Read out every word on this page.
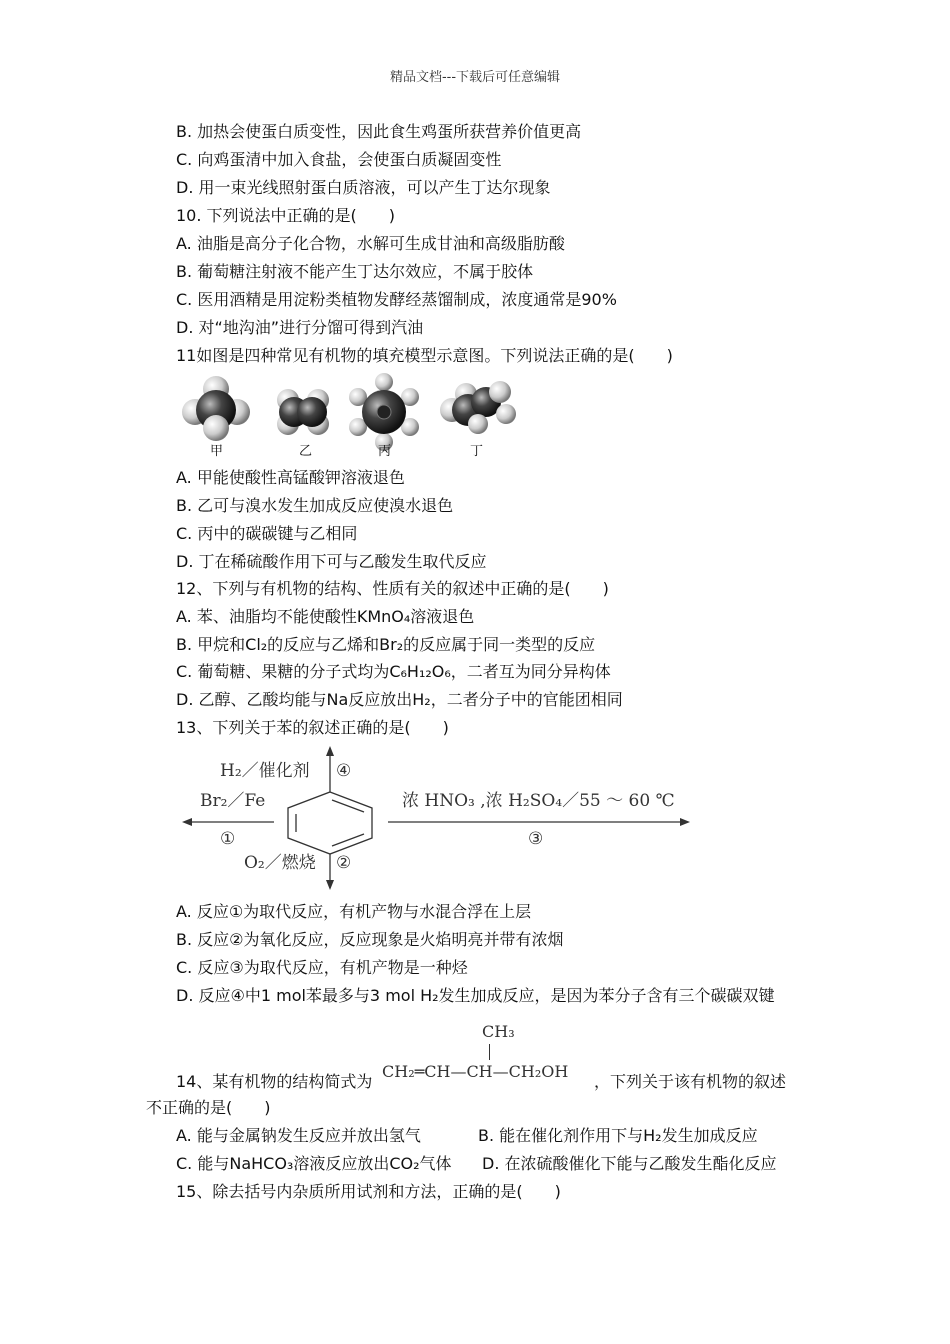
精品文档---下载后可任意编辑
B. 加热会使蛋白质变性，因此食生鸡蛋所获营养价值更高
C. 向鸡蛋清中加入食盐，会使蛋白质凝固变性
D. 用一束光线照射蛋白质溶液，可以产生丁达尔现象
10. 下列说法中正确的是(　　)
A. 油脂是高分子化合物，水解可生成甘油和高级脂肪酸
B. 葡萄糖注射液不能产生丁达尔效应，不属于胶体
C. 医用酒精是用淀粉类植物发酵经蒸馏制成，浓度通常是90%
D. 对“地沟油”进行分馏可得到汽油
11如图是四种常见有机物的填充模型示意图。下列说法正确的是(　　)
甲	乙	丙	丁
A. 甲能使酸性高锰酸钾溶液退色
B. 乙可与溴水发生加成反应使溴水退色
C. 丙中的碳碳键与乙相同
D. 丁在稀硫酸作用下可与乙酸发生取代反应
12、下列与有机物的结构、性质有关的叙述中正确的是(　　)
A. 苯、油脂均不能使酸性KMnO₄溶液退色
B. 甲烷和Cl₂的反应与乙烯和Br₂的反应属于同一类型的反应
C. 葡萄糖、果糖的分子式均为C₆H₁₂O₆，二者互为同分异构体
D. 乙醇、乙酸均能与Na反应放出H₂，二者分子中的官能团相同
13、下列关于苯的叙述正确的是(　　)
H₂／催化剂 ④
Br₂／Fe
①
浓 HNO₃ ,浓 H₂SO₄／55 ～ 60 ℃
③
O₂／燃烧 ②
A. 反应①为取代反应，有机产物与水混合浮在上层
B. 反应②为氧化反应，反应现象是火焰明亮并带有浓烟
C. 反应③为取代反应，有机产物是一种烃
D. 反应④中1 mol苯最多与3 mol H₂发生加成反应，是因为苯分子含有三个碳碳双键
14、某有机物的结构简式为
CH₃
CH₂═CH—CH—CH₂OH
，下列关于该有机物的叙述
不正确的是(　　)
A. 能与金属钠发生反应并放出氢气	B. 能在催化剂作用下与H₂发生加成反应
C. 能与NaHCO₃溶液反应放出CO₂气体 D. 在浓硫酸催化下能与乙酸发生酯化反应
15、除去括号内杂质所用试剂和方法，正确的是(　　)
